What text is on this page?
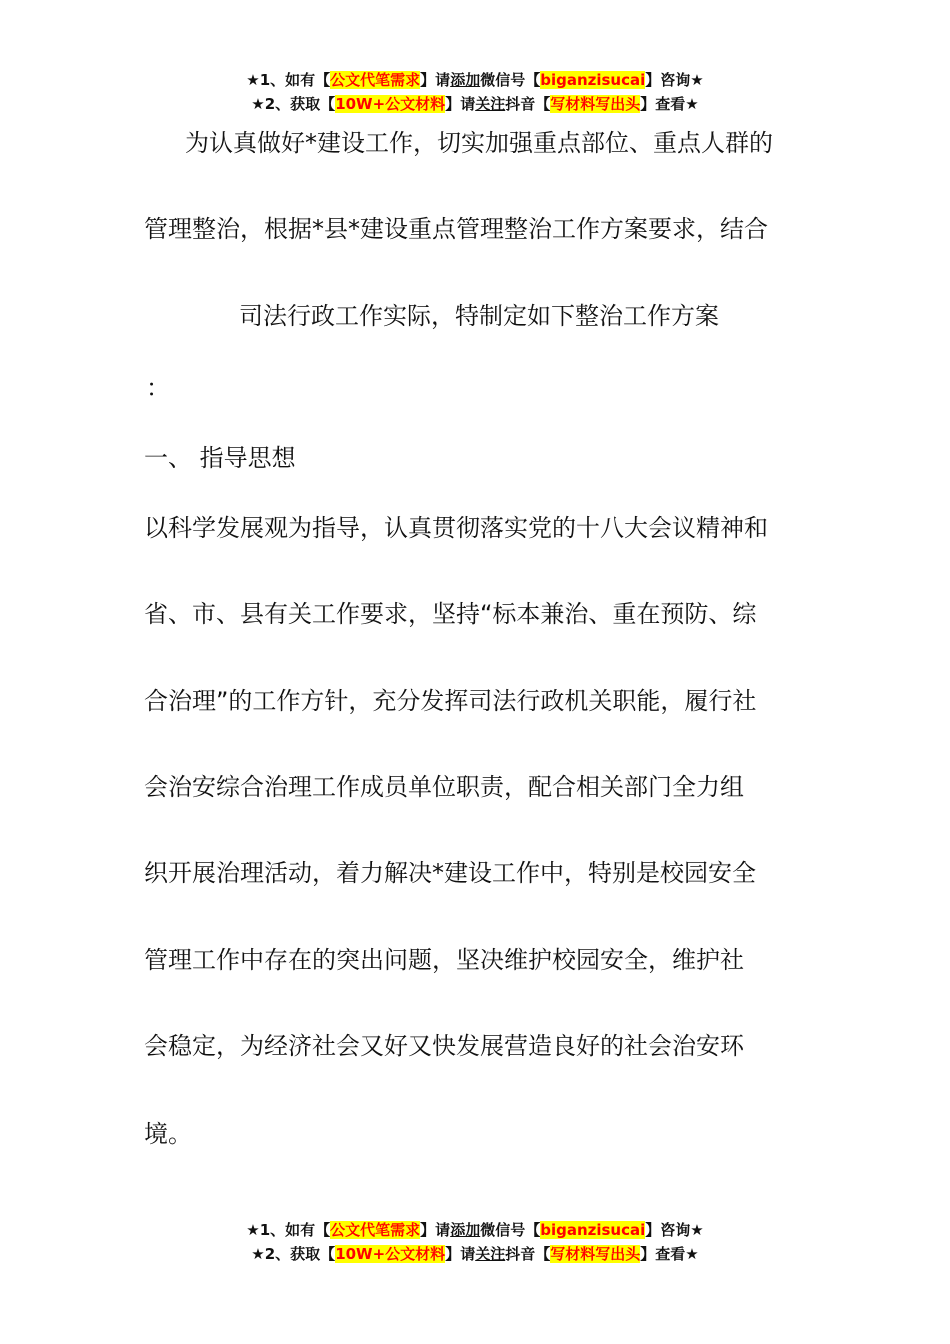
★1、如有【公文代笔需求】请添加微信号【biganzisucai】咨询★
★2、获取【10W+公文材料】请关注抖音【写材料写出头】查看★
为认真做好*建设工作，切实加强重点部位、重点人群的
管理整治，根据*县*建设重点管理整治工作方案要求，结合
司法行政工作实际，特制定如下整治工作方案
：
一、 指导思想
以科学发展观为指导，认真贯彻落实党的十八大会议精神和
省、市、县有关工作要求，坚持“标本兼治、重在预防、综
合治理”的工作方针，充分发挥司法行政机关职能，履行社
会治安综合治理工作成员单位职责，配合相关部门全力组
织开展治理活动，着力解决*建设工作中，特别是校园安全
管理工作中存在的突出问题，坚决维护校园安全，维护社
会稳定，为经济社会又好又快发展营造良好的社会治安环
境。
★1、如有【公文代笔需求】请添加微信号【biganzisucai】咨询★
★2、获取【10W+公文材料】请关注抖音【写材料写出头】查看★
